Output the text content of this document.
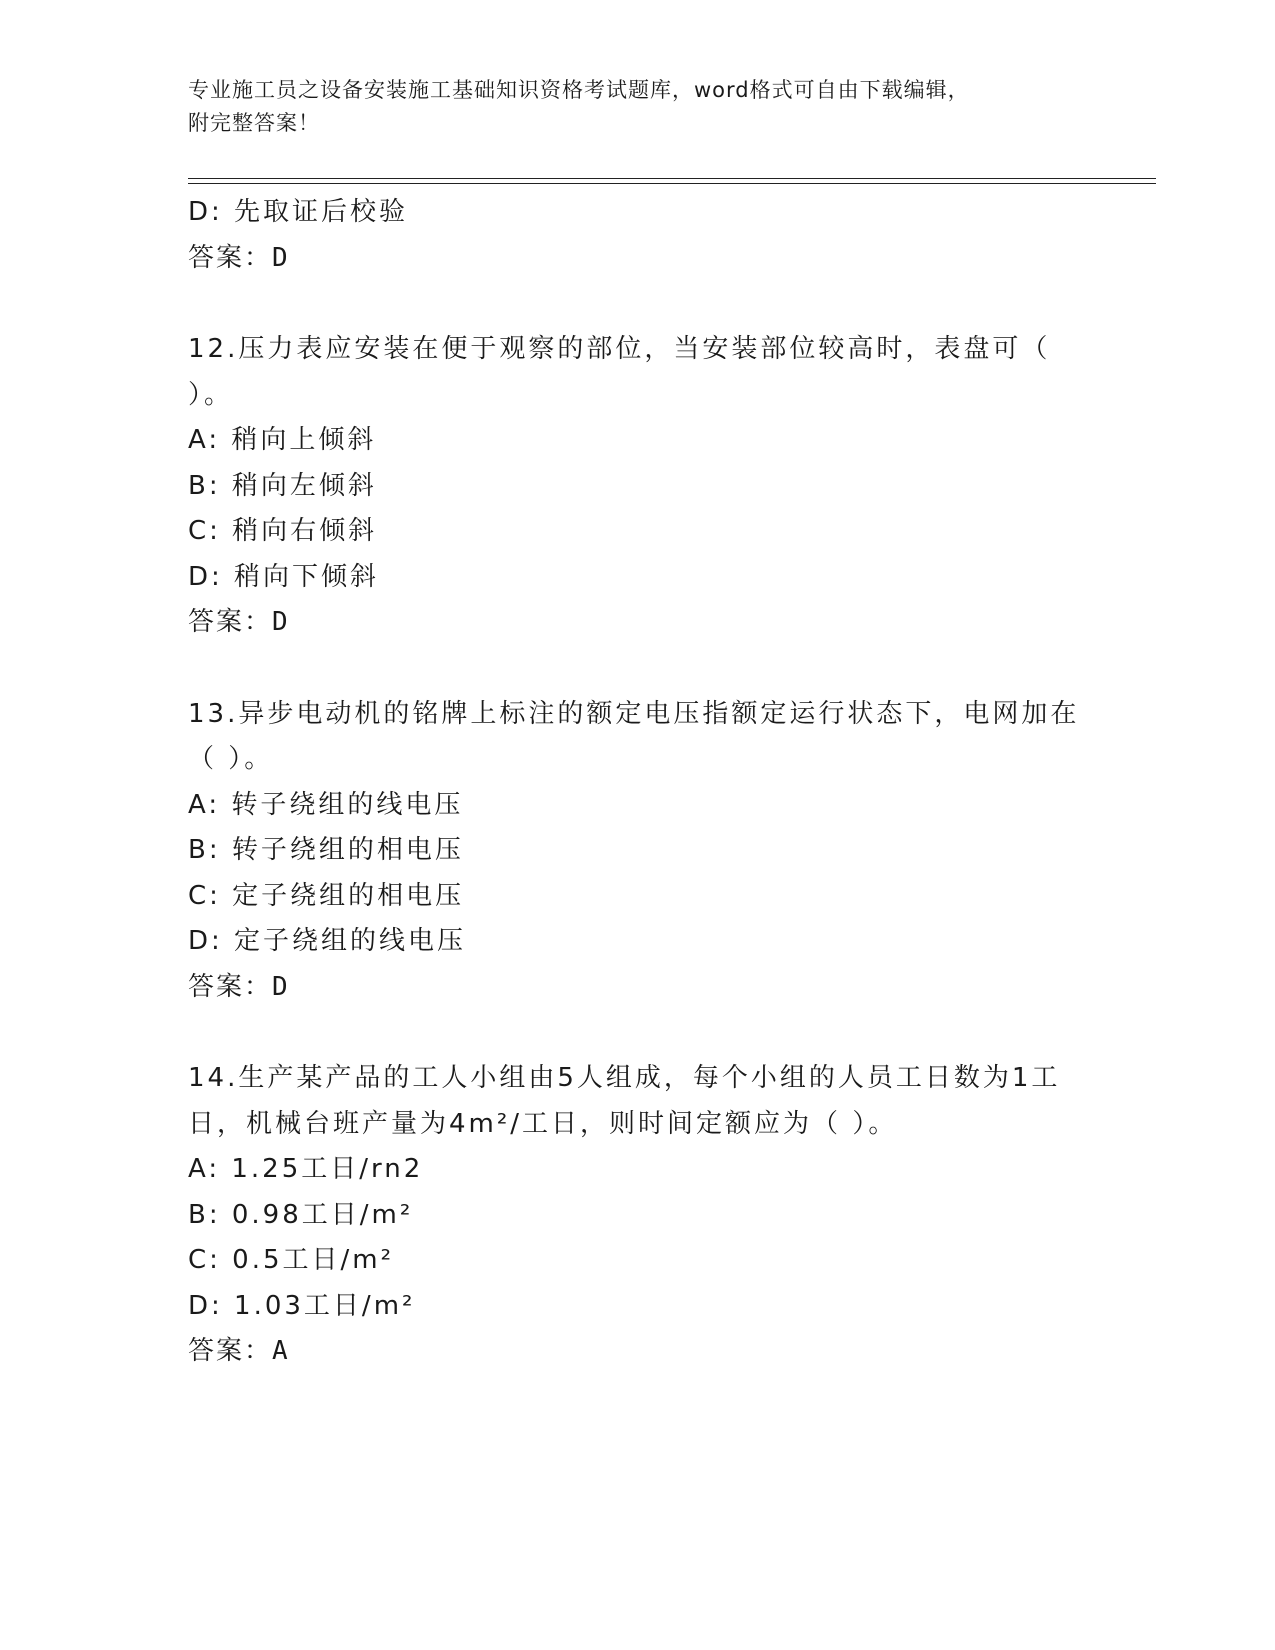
专业施工员之设备安装施工基础知识资格考试题库，word格式可自由下载编辑，
附完整答案！
D: 先取证后校验
答案：D
12.压力表应安装在便于观察的部位，当安装部位较高时，表盘可（
）。
A: 稍向上倾斜
B: 稍向左倾斜
C: 稍向右倾斜
D: 稍向下倾斜
答案：D
13.异步电动机的铭牌上标注的额定电压指额定运行状态下，电网加在
（ ）。
A: 转子绕组的线电压
B: 转子绕组的相电压
C: 定子绕组的相电压
D: 定子绕组的线电压
答案：D
14.生产某产品的工人小组由5人组成，每个小组的人员工日数为1工
日，机械台班产量为4m²/工日，则时间定额应为（ ）。
A: 1.25工日/rn2
B: 0.98工日/m²
C: 0.5工日/m²
D: 1.03工日/m²
答案：A
